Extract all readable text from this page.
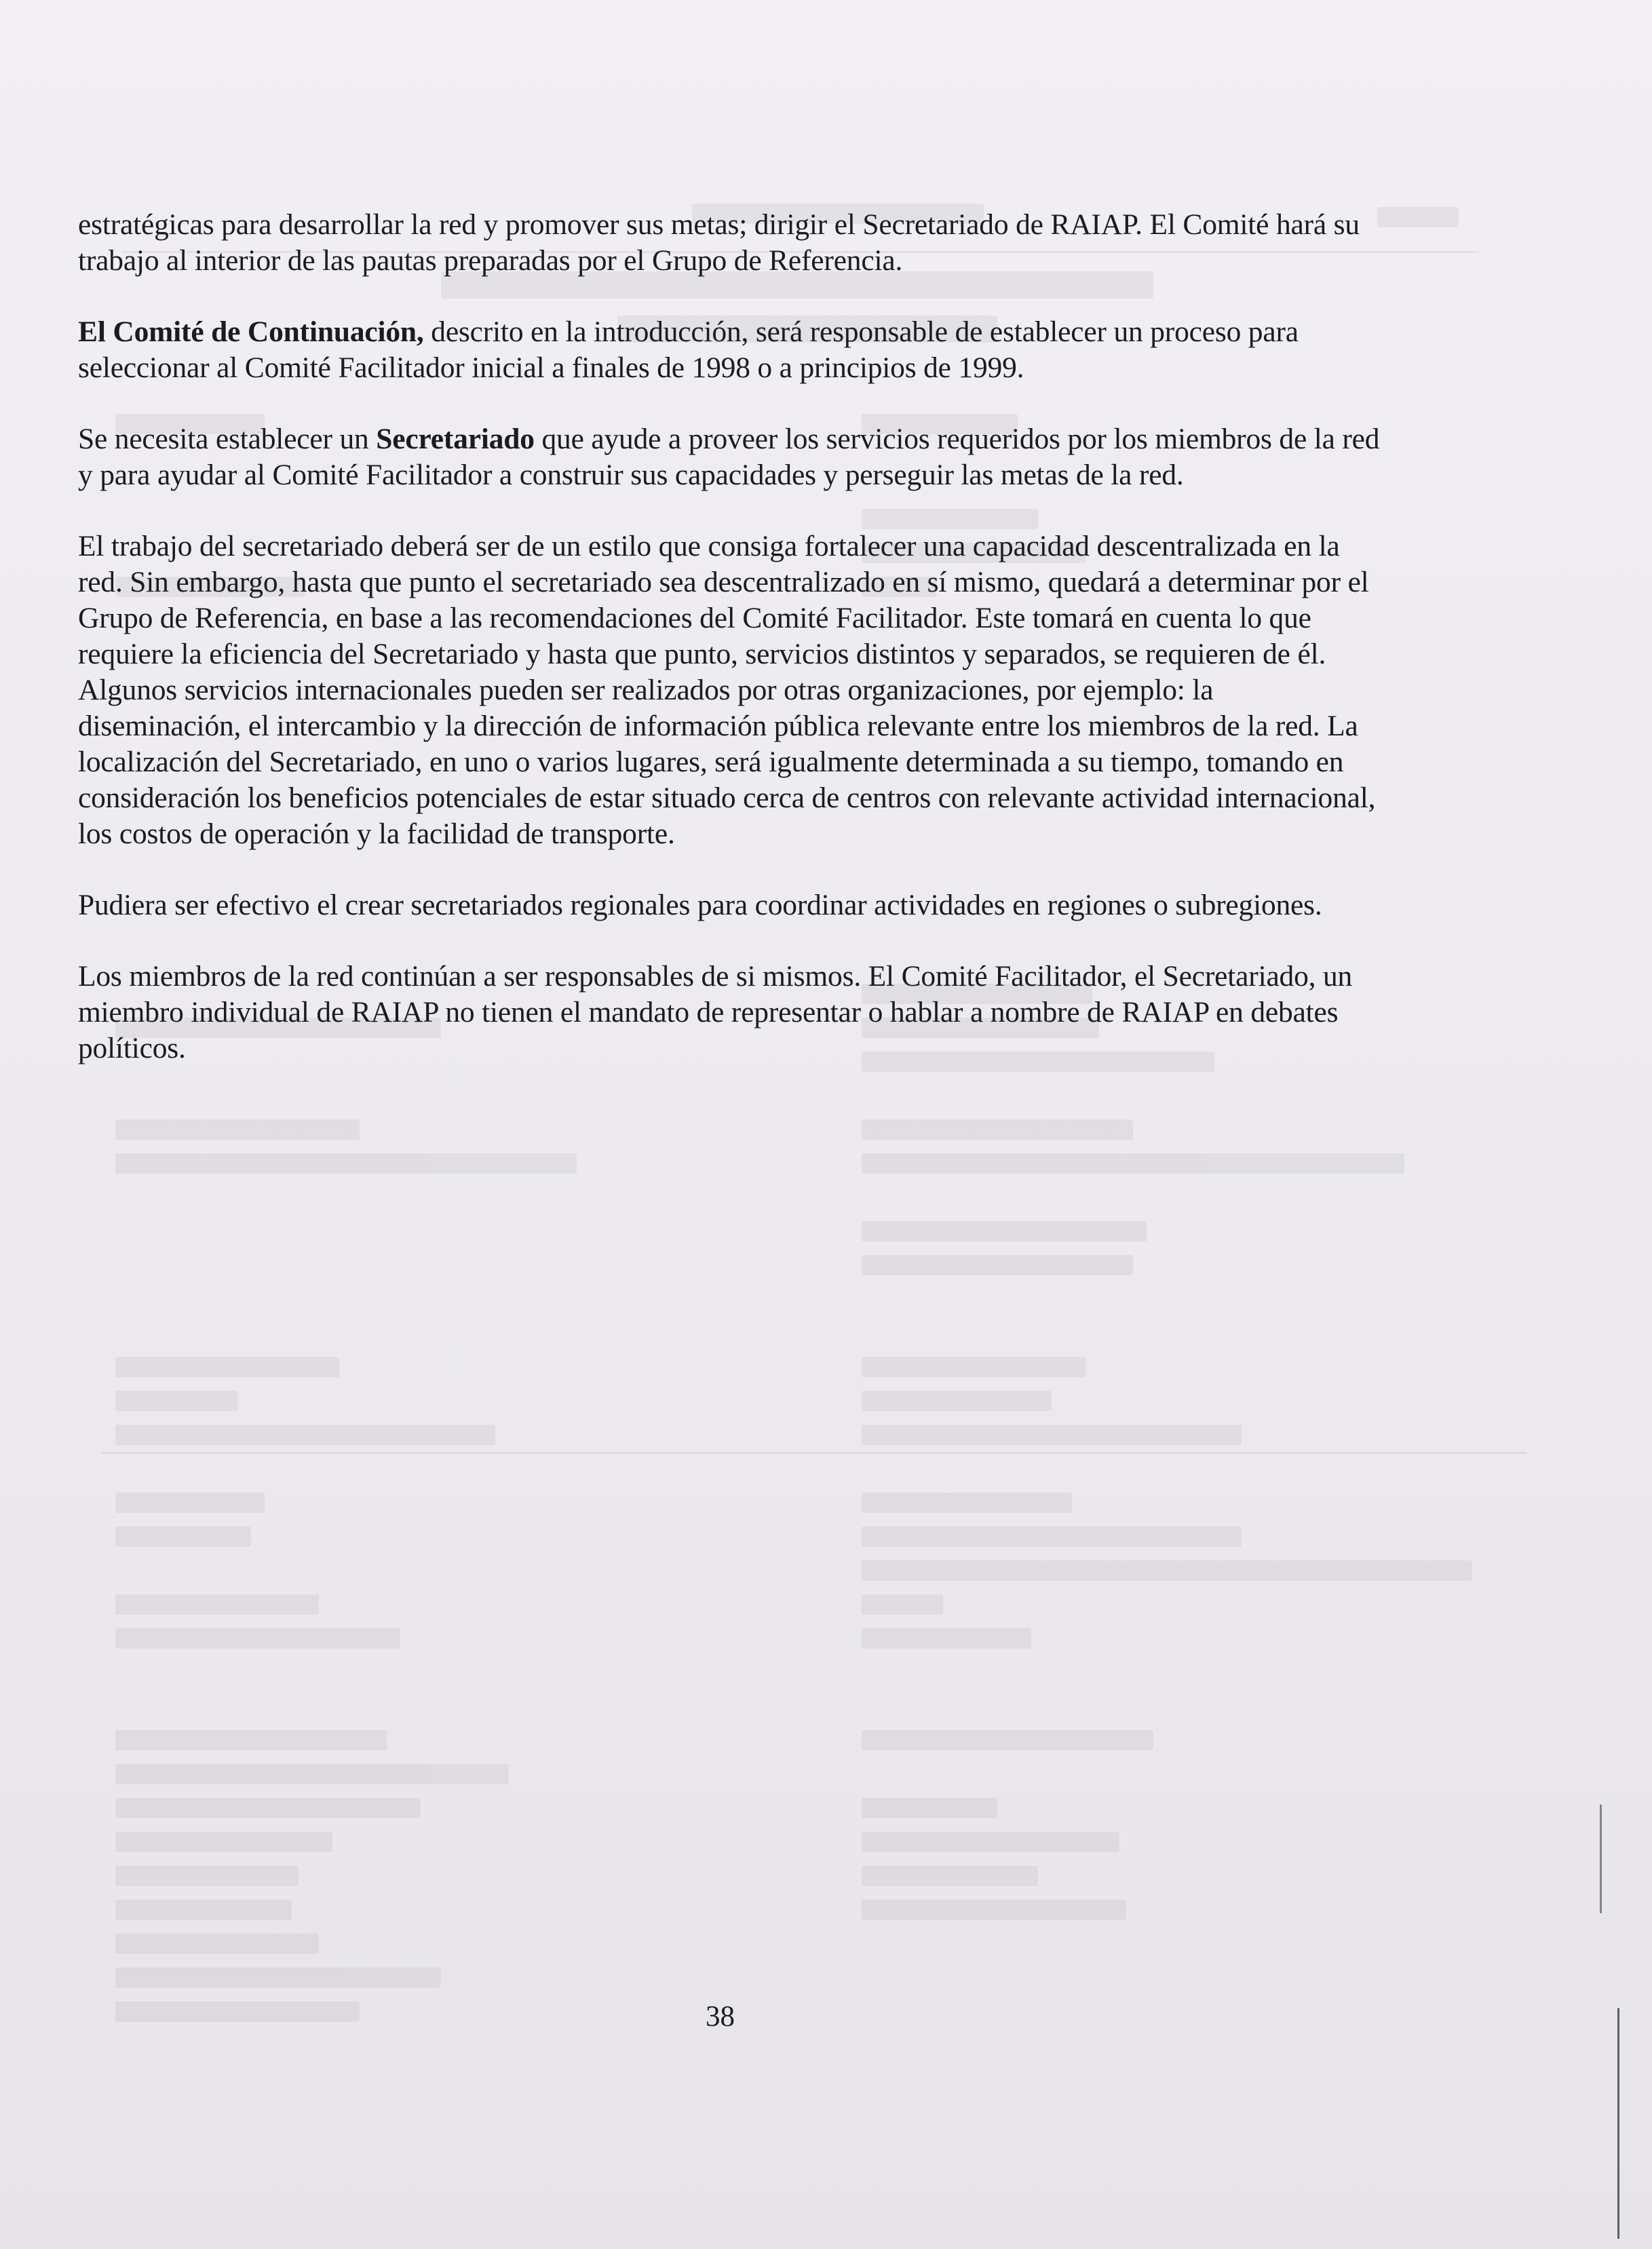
estratégicas para desarrollar la red y promover sus metas; dirigir el Secretariado de RAIAP. El Comité hará su trabajo al interior de las pautas preparadas por el Grupo de Referencia.

El Comité de Continuación, descrito en la introducción, será responsable de establecer un proceso para seleccionar al Comité Facilitador inicial a finales de 1998 o a principios de 1999.

Se necesita establecer un Secretariado que ayude a proveer los servicios requeridos por los miembros de la red y para ayudar al Comité Facilitador a construir sus capacidades y perseguir las metas de la red.

El trabajo del secretariado deberá ser de un estilo que consiga fortalecer una capacidad descentralizada en la red. Sin embargo, hasta que punto el secretariado sea descentralizado en sí mismo, quedará a determinar por el Grupo de Referencia, en base a las recomendaciones del Comité Facilitador. Este tomará en cuenta lo que requiere la eficiencia del Secretariado y hasta que punto, servicios distintos y separados, se requieren de él. Algunos servicios internacionales pueden ser realizados por otras organizaciones, por ejemplo: la diseminación, el intercambio y la dirección de información pública relevante entre los miembros de la red. La localización del Secretariado, en uno o varios lugares, será igualmente determinada a su tiempo, tomando en consideración los beneficios potenciales de estar situado cerca de centros con relevante actividad internacional, los costos de operación y la facilidad de transporte.

Pudiera ser efectivo el crear secretariados regionales para coordinar actividades en regiones o subregiones.

Los miembros de la red continúan a ser responsables de si mismos. El Comité Facilitador, el Secretariado, un miembro individual de RAIAP no tienen el mandato de representar o hablar a nombre de RAIAP en debates políticos.

38
